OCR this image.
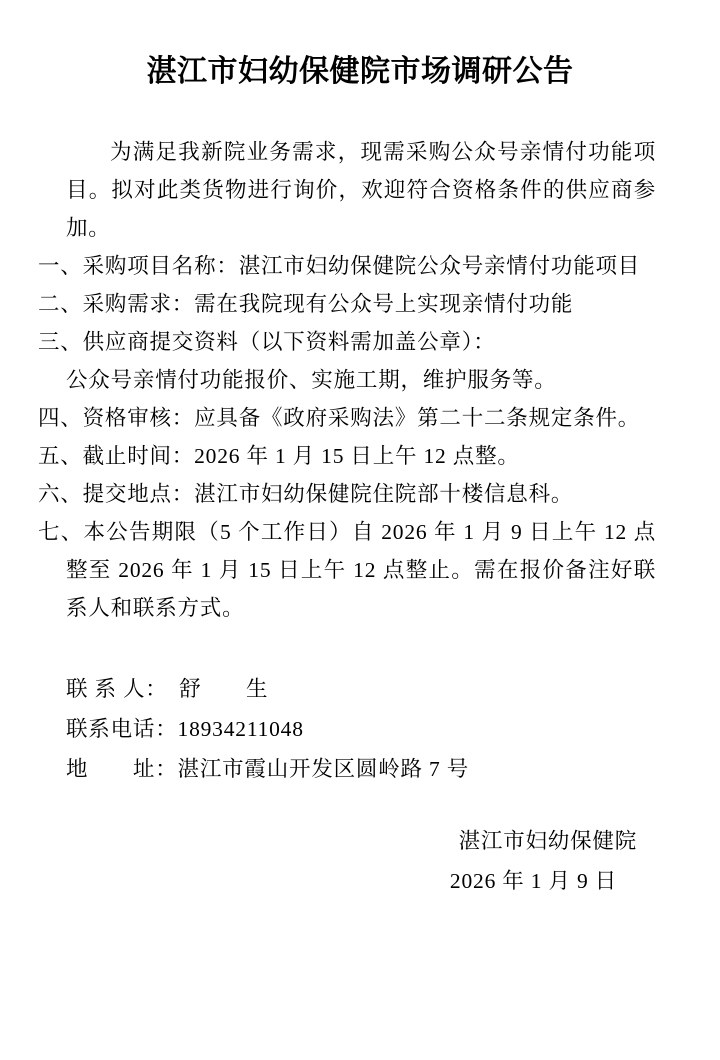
湛江市妇幼保健院市场调研公告

为满足我新院业务需求，现需采购公众号亲情付功能项目。拟对此类货物进行询价，欢迎符合资格条件的供应商参加。

一、采购项目名称：湛江市妇幼保健院公众号亲情付功能项目
二、采购需求：需在我院现有公众号上实现亲情付功能
三、供应商提交资料（以下资料需加盖公章）：
公众号亲情付功能报价、实施工期，维护服务等。
四、资格审核：应具备《政府采购法》第二十二条规定条件。
五、截止时间：2026 年 1 月 15 日上午 12 点整。
六、提交地点：湛江市妇幼保健院住院部十楼信息科。
七、本公告期限（5 个工作日）自 2026 年 1 月 9 日上午 12 点整至 2026 年 1 月 15 日上午 12 点整止。需在报价备注好联系人和联系方式。
联 系 人：　舒　　生
联系电话：18934211048
地　　址：湛江市霞山开发区圆岭路 7 号
湛江市妇幼保健院
2026 年 1 月 9 日
